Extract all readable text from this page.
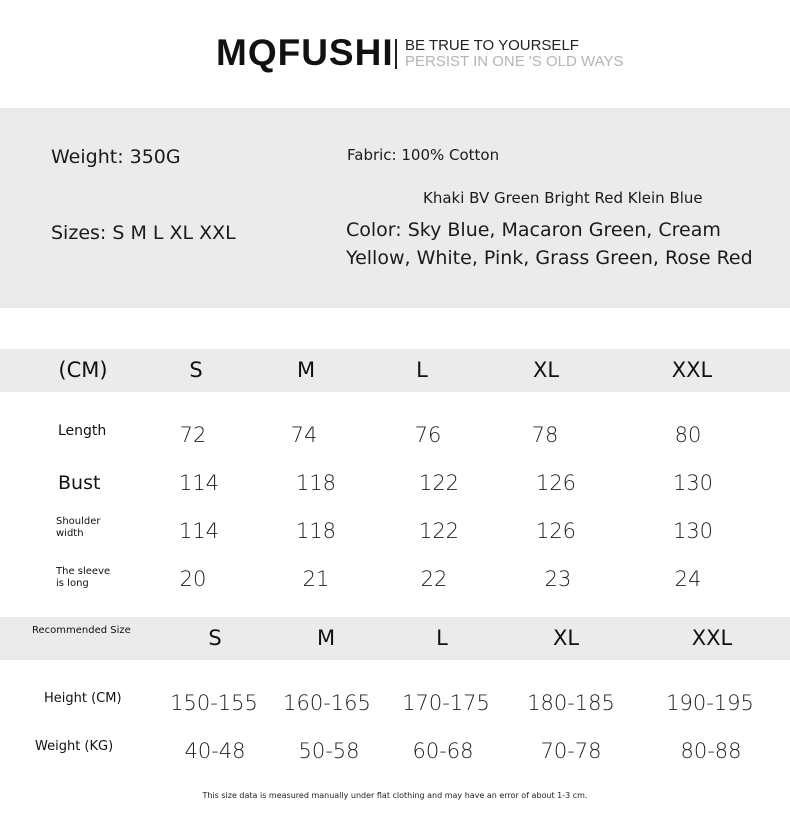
MQFUSHI BE TRUE TO YOURSELF
PERSIST IN ONE 'S OLD WAYS
Weight: 350G	Fabric: 100% Cotton
Khaki BV Green Bright Red Klein Blue
Sizes: S M L XL XXL	Color: Sky Blue, Macaron Green, Cream
Yellow, White, Pink, Grass Green, Rose Red
(CM)	S	M	L	XL	XXL
Length	72	74	76	78	80
Bust	114	118	122	126	130
Shoulder
width	114	118	122	126	130
The sleeve
is long	20	21	22	23	24
Recommended Size	S	M	L	XL	XXL
Height (CM) 150-155 160-165 170-175 180-185 190-195
Weight (KG)	40-48	50-58	60-68	70-78	80-88
This size data is measured manually under flat clothing and may have an error of about 1-3 cm.
